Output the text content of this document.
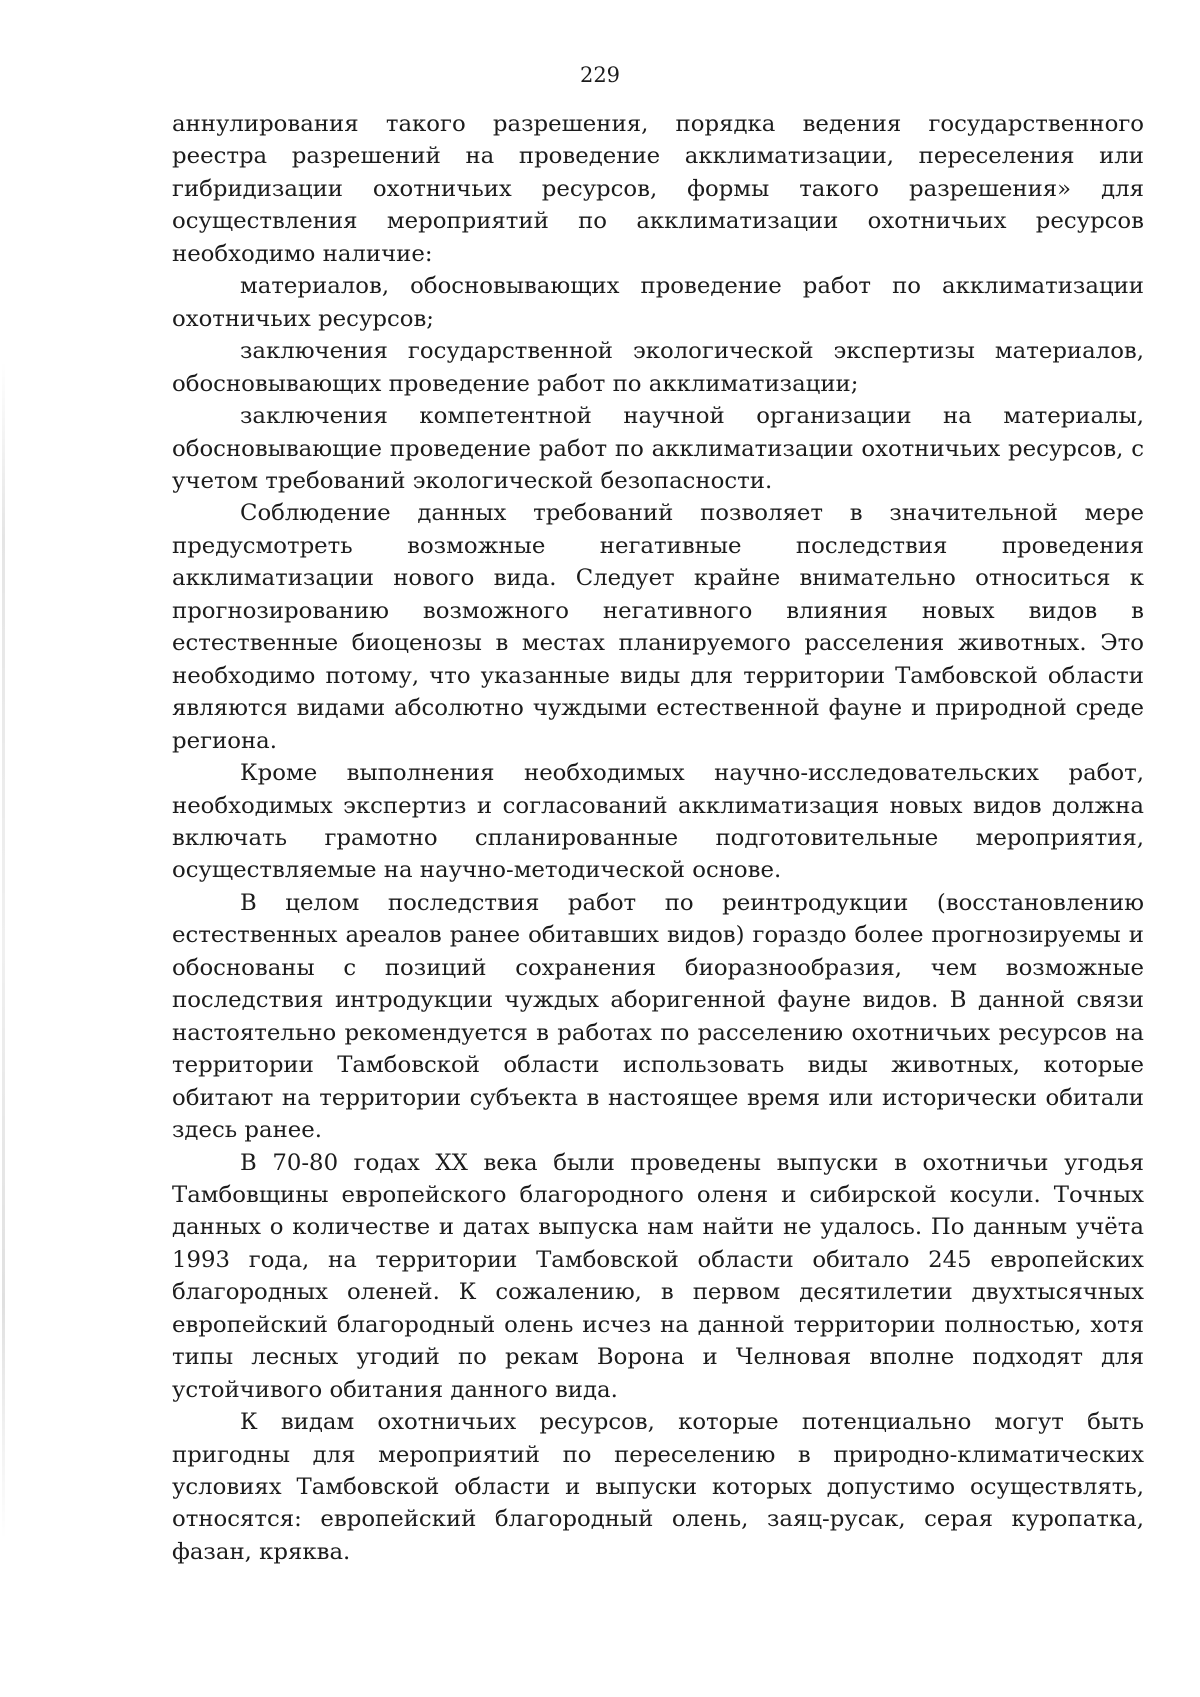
229

аннулирования такого разрешения, порядка ведения государственного реестра разрешений на проведение акклиматизации, переселения или гибридизации охотничьих ресурсов, формы такого разрешения» для осуществления мероприятий по акклиматизации охотничьих ресурсов необходимо наличие:

материалов, обосновывающих проведение работ по акклиматизации охотничьих ресурсов;

заключения государственной экологической экспертизы материалов, обосновывающих проведение работ по акклиматизации;

заключения компетентной научной организации на материалы, обосновывающие проведение работ по акклиматизации охотничьих ресурсов, с учетом требований экологической безопасности.

Соблюдение данных требований позволяет в значительной мере предусмотреть возможные негативные последствия проведения акклиматизации нового вида. Следует крайне внимательно относиться к прогнозированию возможного негативного влияния новых видов в естественные биоценозы в местах планируемого расселения животных. Это необходимо потому, что указанные виды для территории Тамбовской области являются видами абсолютно чуждыми естественной фауне и природной среде региона.

Кроме выполнения необходимых научно-исследовательских работ, необходимых экспертиз и согласований акклиматизация новых видов должна включать грамотно спланированные подготовительные мероприятия, осуществляемые на научно-методической основе.

В целом последствия работ по реинтродукции (восстановлению естественных ареалов ранее обитавших видов) гораздо более прогнозируемы и обоснованы с позиций сохранения биоразнообразия, чем возможные последствия интродукции чуждых аборигенной фауне видов. В данной связи настоятельно рекомендуется в работах по расселению охотничьих ресурсов на территории Тамбовской области использовать виды животных, которые обитают на территории субъекта в настоящее время или исторически обитали здесь ранее.

В 70-80 годах XX века были проведены выпуски в охотничьи угодья Тамбовщины европейского благородного оленя и сибирской косули. Точных данных о количестве и датах выпуска нам найти не удалось. По данным учёта 1993 года, на территории Тамбовской области обитало 245 европейских благородных оленей. К сожалению, в первом десятилетии двухтысячных европейский благородный олень исчез на данной территории полностью, хотя типы лесных угодий по рекам Ворона и Челновая вполне подходят для устойчивого обитания данного вида.

К видам охотничьих ресурсов, которые потенциально могут быть пригодны для мероприятий по переселению в природно-климатических условиях Тамбовской области и выпуски которых допустимо осуществлять, относятся: европейский благородный олень, заяц-русак, серая куропатка, фазан, кряква.
